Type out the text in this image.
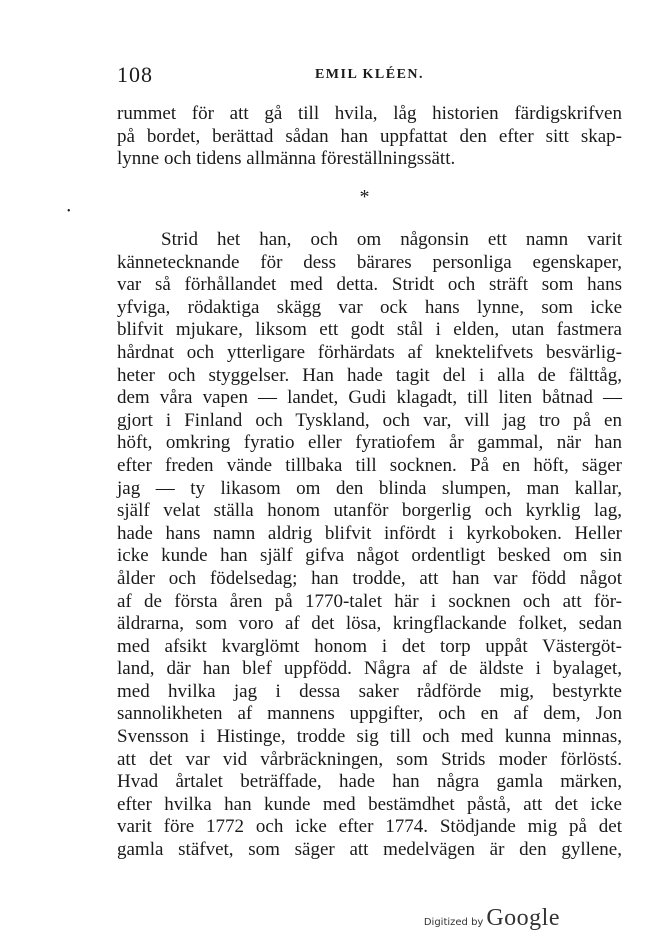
108	EMIL KLÉEN.
rummet för att gå till hvila, låg historien färdigskrifven
på bordet, berättad sådan han uppfattat den efter sitt skap-
lynne och tidens allmänna föreställningssätt.
*
•
Strid het han, och om någonsin ett namn varit
kännetecknande för dess bärares personliga egenskaper,
var så förhållandet med detta. Stridt och sträft som hans
yfviga, rödaktiga skägg var ock hans lynne, som icke
blifvit mjukare, liksom ett godt stål i elden, utan fastmera
hårdnat och ytterligare förhärdats af knektelifvets besvärlig-
heter och styggelser. Han hade tagit del i alla de fälttåg,
dem våra vapen — landet, Gudi klagadt, till liten båtnad —
gjort i Finland och Tyskland, och var, vill jag tro på en
höft, omkring fyratio eller fyratiofem år gammal, när han
efter freden vände tillbaka till socknen. På en höft, säger
jag — ty likasom om den blinda slumpen, man kallar,
själf velat ställa honom utanför borgerlig och kyrklig lag,
hade hans namn aldrig blifvit infördt i kyrkoboken. Heller
icke kunde han själf gifva något ordentligt besked om sin
ålder och födelsedag; han trodde, att han var född något
af de första åren på 1770-talet här i socknen och att för-
äldrarna, som voro af det lösa, kringflackande folket, sedan
med afsikt kvarglömt honom i det torp uppåt Västergöt-
land, där han blef uppfödd. Några af de äldste i byalaget,
med hvilka jag i dessa saker rådförde mig, bestyrkte
sannolikheten af mannens uppgifter, och en af dem, Jon
Svensson i Histinge, trodde sig till och med kunna minnas,
att det var vid vårbräckningen, som Strids moder förlöstś.
Hvad årtalet beträffade, hade han några gamla märken,
efter hvilka han kunde med bestämdhet påstå, att det icke
varit före 1772 och icke efter 1774. Stödjande mig på det
gamla stäfvet, som säger att medelvägen är den gyllene,
Digitized by Google
